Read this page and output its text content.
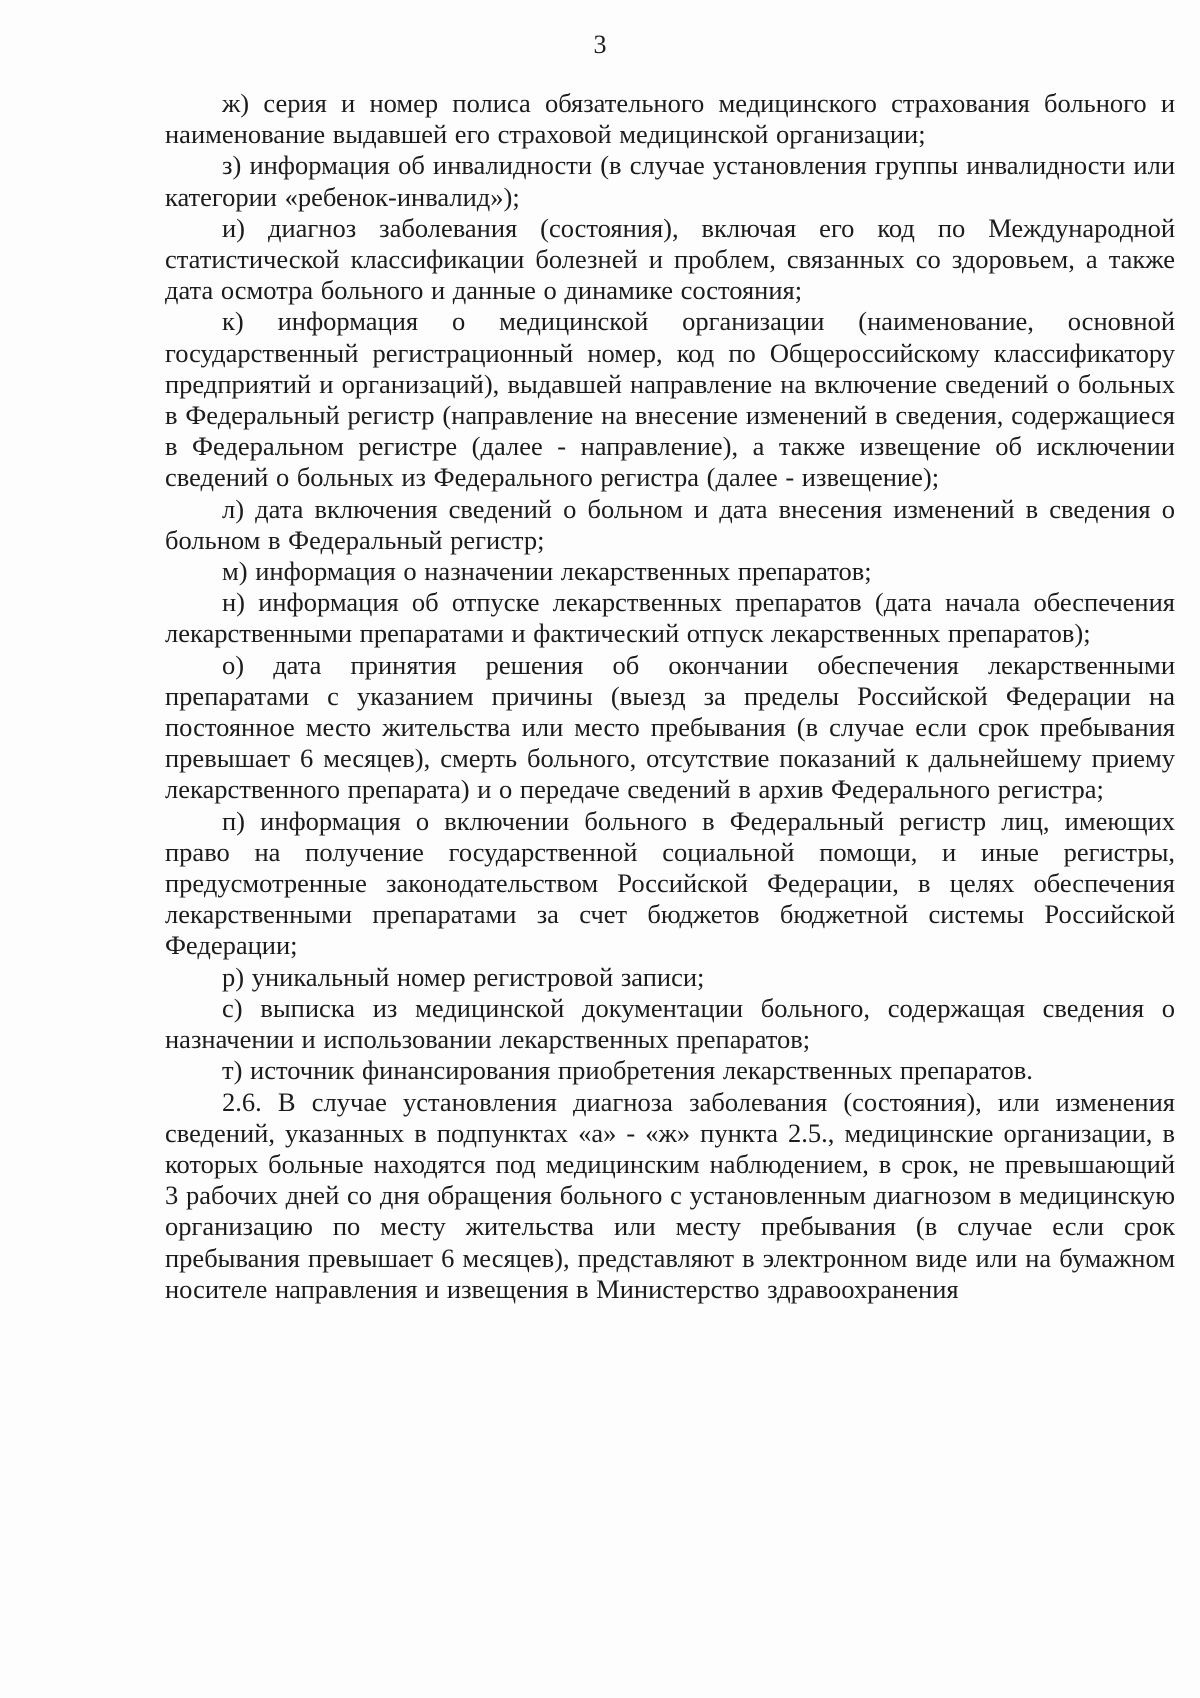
3

ж) серия и номер полиса обязательного медицинского страхования больного и наименование выдавшей его страховой медицинской организации;

з) информация об инвалидности (в случае установления группы инвалидности или категории «ребенок-инвалид»);

и) диагноз заболевания (состояния), включая его код по Международной статистической классификации болезней и проблем, связанных со здоровьем, а также дата осмотра больного и данные о динамике состояния;

к) информация о медицинской организации (наименование, основной государственный регистрационный номер, код по Общероссийскому классификатору предприятий и организаций), выдавшей направление на включение сведений о больных в Федеральный регистр (направление на внесение изменений в сведения, содержащиеся в Федеральном регистре (далее - направление), а также извещение об исключении сведений о больных из Федерального регистра (далее - извещение);

л) дата включения сведений о больном и дата внесения изменений в сведения о больном в Федеральный регистр;

м) информация о назначении лекарственных препаратов;

н) информация об отпуске лекарственных препаратов (дата начала обеспечения лекарственными препаратами и фактический отпуск лекарственных препаратов);

о) дата принятия решения об окончании обеспечения лекарственными препаратами с указанием причины (выезд за пределы Российской Федерации на постоянное место жительства или место пребывания (в случае если срок пребывания превышает 6 месяцев), смерть больного, отсутствие показаний к дальнейшему приему лекарственного препарата) и о передаче сведений в архив Федерального регистра;

п) информация о включении больного в Федеральный регистр лиц, имеющих право на получение государственной социальной помощи, и иные регистры, предусмотренные законодательством Российской Федерации, в целях обеспечения лекарственными препаратами за счет бюджетов бюджетной системы Российской Федерации;

р) уникальный номер регистровой записи;

с) выписка из медицинской документации больного, содержащая сведения о назначении и использовании лекарственных препаратов;

т) источник финансирования приобретения лекарственных препаратов.

2.6. В случае установления диагноза заболевания (состояния), или изменения сведений, указанных в подпунктах «а» - «ж» пункта 2.5., медицинские организации, в которых больные находятся под медицинским наблюдением, в срок, не превышающий 3 рабочих дней со дня обращения больного с установленным диагнозом в медицинскую организацию по месту жительства или месту пребывания (в случае если срок пребывания превышает 6 месяцев), представляют в электронном виде или на бумажном носителе направления и извещения в Министерство здравоохранения
